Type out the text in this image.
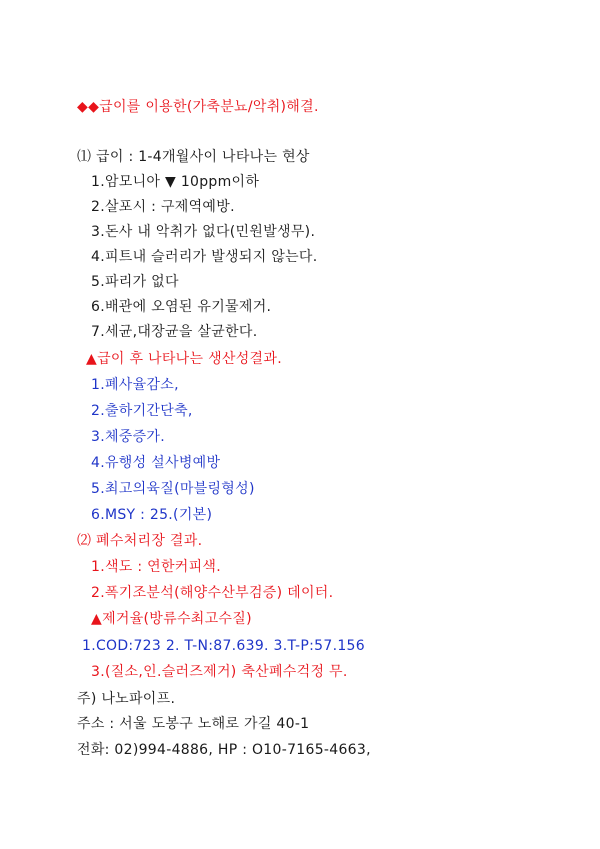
◆◆급이를 이용한(가축분뇨/악취)해결.
⑴ 급이 : 1-4개월사이 나타나는 현상
1.암모니아 ▼ 10ppm이하
2.살포시 : 구제역예방.
3.돈사 내 악취가 없다(민원발생무).
4.피트내 슬러리가 발생되지 않는다.
5.파리가 없다
6.배관에 오염된 유기물제거.
7.세균,대장균을 살균한다.
▲급이 후 나타나는 생산성결과.
1.폐사율감소,
2.출하기간단축,
3.체중증가.
4.유행성 설사병예방
5.최고의육질(마블링형성)
6.MSY : 25.(기본)
⑵ 폐수처리장 결과.
1.색도 : 연한커피색.
2.폭기조분석(해양수산부검증) 데이터.
▲제거율(방류수최고수질)
1.COD:723 2. T-N:87.639. 3.T-P:57.156
3.(질소,인.슬러즈제거) 축산폐수걱정 무.
주) 나노파이프.
주소 : 서울 도봉구 노해로 가길 40-1
전화: 02)994-4886, HP : O10-7165-4663,
